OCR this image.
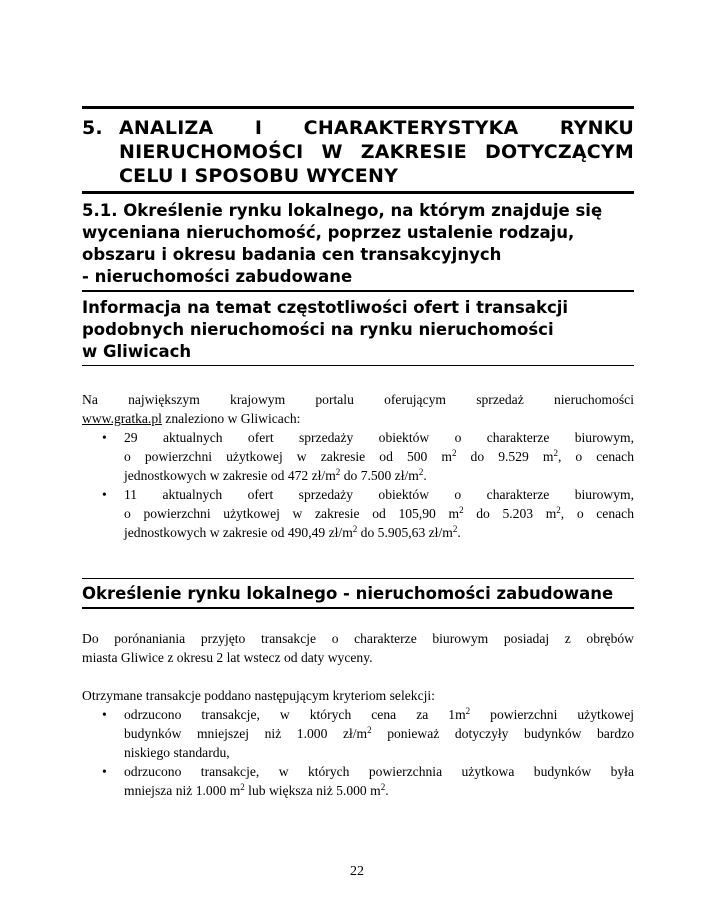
5. ANALIZA I CHARAKTERYSTYKA RYNKU
NIERUCHOMOŚCI W ZAKRESIE DOTYCZĄCYM
CELU I SPOSOBU WYCENY
5.1. Określenie rynku lokalnego, na którym znajduje się
wyceniana nieruchomość, poprzez ustalenie rodzaju,
obszaru i okresu badania cen transakcyjnych
- nieruchomości zabudowane
Informacja na temat częstotliwości ofert i transakcji
podobnych nieruchomości na rynku nieruchomości
w Gliwicach
Na największym krajowym portalu oferującym sprzedaż nieruchomości
www.gratka.pl znaleziono w Gliwicach:
• 29 aktualnych ofert sprzedaży obiektów o charakterze biurowym,
o powierzchni użytkowej w zakresie od 500 $m^2$ do 9.529 $m^2$, o cenach
jednostkowych w zakresie od 472 $zł/m^2$ do 7.500 $zł/m^2$.
• 11 aktualnych ofert sprzedaży obiektów o charakterze biurowym,
o powierzchni użytkowej w zakresie od 105,90 $m^2$ do 5.203 $m^2$, o cenach
jednostkowych w zakresie od 490,49 $zł/m^2$ do 5.905,63 $zł/m^2$.
Określenie rynku lokalnego - nieruchomości zabudowane
Do porónaniania przyjęto transakcje o charakterze biurowym posiadaj z obrębów
miasta Gliwice z okresu 2 lat wstecz od daty wyceny.
Otrzymane transakcje poddano następującym kryteriom selekcji:
• odrzucono transakcje, w których cena za $1m^2$ powierzchni użytkowej
budynków mniejszej niż 1.000 $zł/m^2$ ponieważ dotyczyły budynków bardzo
niskiego standardu,
• odrzucono transakcje, w których powierzchnia użytkowa budynków była
mniejsza niż 1.000 $m^2$ lub większa niż 5.000 $m^2$.
22
